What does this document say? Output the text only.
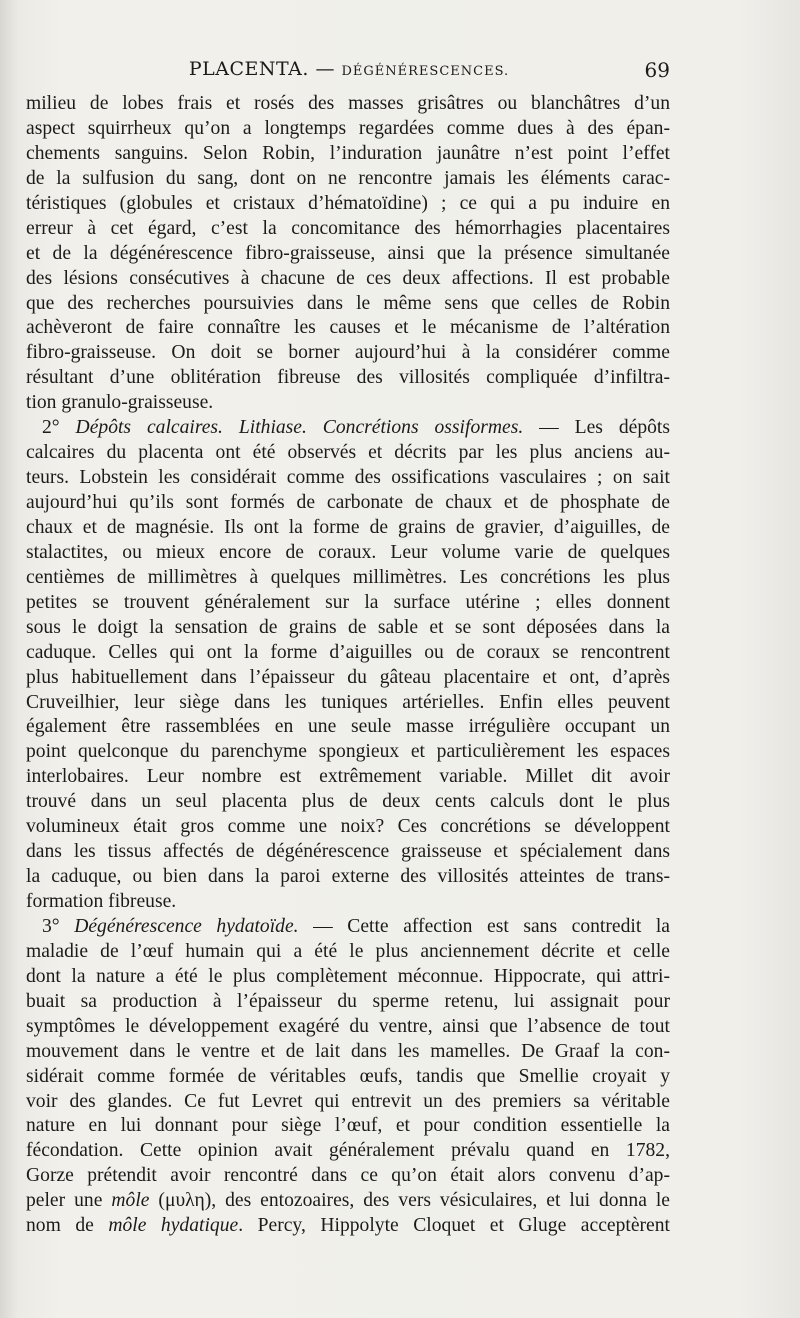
PLACENTA. — DÉGÉNÉRESCENCES.	69
milieu de lobes frais et rosés des masses grisâtres ou blanchâtres d’un
aspect squirrheux qu’on a longtemps regardées comme dues à des épan-
chements sanguins. Selon Robin, l’induration jaunâtre n’est point l’effet
de la sulfusion du sang, dont on ne rencontre jamais les éléments carac-
téristiques (globules et cristaux d’hématoïdine) ; ce qui a pu induire en
erreur à cet égard, c’est la concomitance des hémorrhagies placentaires
et de la dégénérescence fibro-graisseuse, ainsi que la présence simultanée
des lésions consécutives à chacune de ces deux affections. Il est probable
que des recherches poursuivies dans le même sens que celles de Robin
achèveront de faire connaître les causes et le mécanisme de l’altération
fibro-graisseuse. On doit se borner aujourd’hui à la considérer comme
résultant d’une oblitération fibreuse des villosités compliquée d’infiltra-
tion granulo-graisseuse.
2° Dépôts calcaires. Lithiase. Concrétions ossiformes. — Les dépôts
calcaires du placenta ont été observés et décrits par les plus anciens au-
teurs. Lobstein les considérait comme des ossifications vasculaires ; on sait
aujourd’hui qu’ils sont formés de carbonate de chaux et de phosphate de
chaux et de magnésie. Ils ont la forme de grains de gravier, d’aiguilles, de
stalactites, ou mieux encore de coraux. Leur volume varie de quelques
centièmes de millimètres à quelques millimètres. Les concrétions les plus
petites se trouvent généralement sur la surface utérine ; elles donnent
sous le doigt la sensation de grains de sable et se sont déposées dans la
caduque. Celles qui ont la forme d’aiguilles ou de coraux se rencontrent
plus habituellement dans l’épaisseur du gâteau placentaire et ont, d’après
Cruveilhier, leur siège dans les tuniques artérielles. Enfin elles peuvent
également être rassemblées en une seule masse irrégulière occupant un
point quelconque du parenchyme spongieux et particulièrement les espaces
interlobaires. Leur nombre est extrêmement variable. Millet dit avoir
trouvé dans un seul placenta plus de deux cents calculs dont le plus
volumineux était gros comme une noix? Ces concrétions se développent
dans les tissus affectés de dégénérescence graisseuse et spécialement dans
la caduque, ou bien dans la paroi externe des villosités atteintes de trans-
formation fibreuse.
3° Dégénérescence hydatoïde. — Cette affection est sans contredit la
maladie de l’œuf humain qui a été le plus anciennement décrite et celle
dont la nature a été le plus complètement méconnue. Hippocrate, qui attri-
buait sa production à l’épaisseur du sperme retenu, lui assignait pour
symptômes le développement exagéré du ventre, ainsi que l’absence de tout
mouvement dans le ventre et de lait dans les mamelles. De Graaf la con-
sidérait comme formée de véritables œufs, tandis que Smellie croyait y
voir des glandes. Ce fut Levret qui entrevit un des premiers sa véritable
nature en lui donnant pour siège l’œuf, et pour condition essentielle la
fécondation. Cette opinion avait généralement prévalu quand en 1782,
Gorze prétendit avoir rencontré dans ce qu’on était alors convenu d’ap-
peler une môle (μυλη), des entozoaires, des vers vésiculaires, et lui donna le
nom de môle hydatique. Percy, Hippolyte Cloquet et Gluge acceptèrent
